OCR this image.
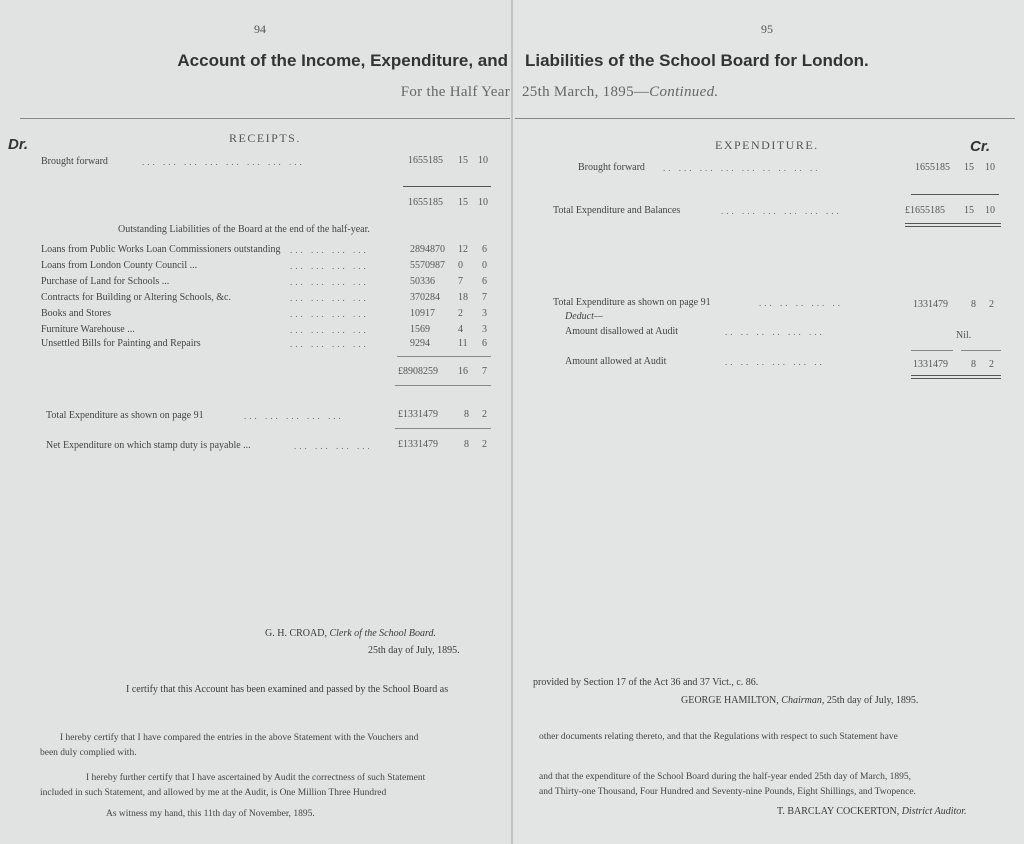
94
Account of the Income, Expenditure, and
For the Half Year
Dr.	RECEIPTS.
Brought forward	... ... ... ... ... ... ... ...	1655185 15 10
1655185 15 10
Outstanding Liabilities of the Board at the end of the half-year.
Loans from Public Works Loan Commissioners outstanding	2894870 12 6
... ... ... ...
Loans from London County Council ...	5570987 0 0
... ... ... ...
Purchase of Land for Schools ...	50336 7 6
... ... ... ...
Contracts for Building or Altering Schools, &c.	370284 18 7
... ... ... ...
Books and Stores	10917 2 3
... ... ... ...
Furniture Warehouse ...	1569	4 3
... ... ... ...
Unsettled Bills for Painting and Repairs	9294	11 6
... ... ... ...
£8908259 16 7
Total Expenditure as shown on page 91	... ... ... ... ...	£1331479	8 2
Net Expenditure on which stamp duty is payable ...	... ... ... ...	£1331479	8 2
G. H. CROAD, Clerk of the School Board.
25th day of July, 1895.
I certify that this Account has been examined and passed by the School Board as
I hereby certify that I have compared the entries in the above Statement with the Vouchers and
been duly complied with.
I hereby further certify that I have ascertained by Audit the correctness of such Statement
included in such Statement, and allowed by me at the Audit, is One Million Three Hundred
As witness my hand, this 11th day of November, 1895.
95
Liabilities of the School Board for London.
25th March, 1895—Continued.
EXPENDITURE.	Cr.
Brought forward .. ... ... ... ... .. .. .. ..	1655185 15 10
Total Expenditure and Balances	... ... ... ... ... ...	£1655185 15 10
Total Expenditure as shown on page 91	... .. .. ... ..	1331479 8 2
Deduct—
Amount disallowed at Audit	.. .. .. .. ... ...	Nil.
Amount allowed at Audit	.. .. .. ... ... ..	1331479 8 2
provided by Section 17 of the Act 36 and 37 Vict., c. 86.
GEORGE HAMILTON, Chairman, 25th day of July, 1895.
other documents relating thereto, and that the Regulations with respect to such Statement have
and that the expenditure of the School Board during the half-year ended 25th day of March, 1895,
and Thirty-one Thousand, Four Hundred and Seventy-nine Pounds, Eight Shillings, and Twopence.
T. BARCLAY COCKERTON, District Auditor.
